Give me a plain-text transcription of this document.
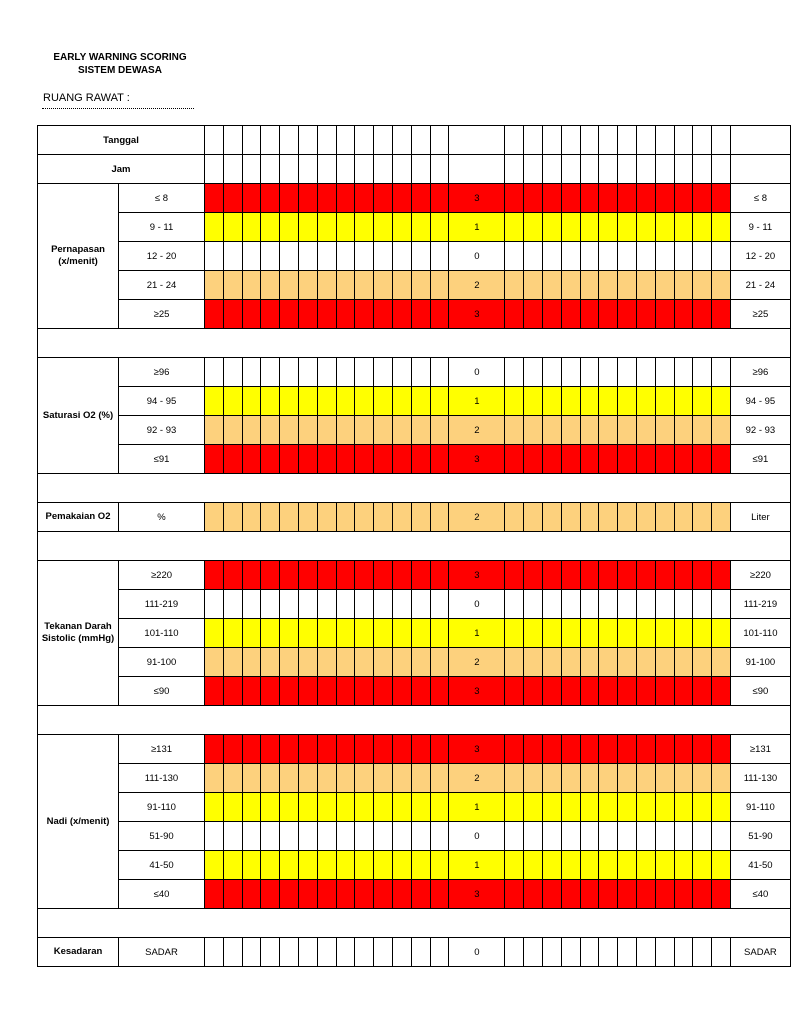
EARLY WARNING SCORING
SISTEM DEWASA
RUANG RAWAT :
Tanggal																												
Jam																												
Pernapasan (x/menit)	≤ 8														3													≤ 8
	9 - 11														1													9 - 11
	12 - 20														0													12 - 20
	21 - 24														2													21 - 24
	≥25														3													≥25

Saturasi O2 (%)	≥96														0													≥96
	94 - 95														1													94 - 95
	92 - 93														2													92 - 93
	≤91														3													≤91

Pemakaian O2	%														2													Liter

Tekanan Darah Sistolic (mmHg)	≥220														3													≥220
	111-219														0													111-219
	101-110														1													101-110
	91-100														2													91-100
	≤90														3													≤90

Nadi (x/menit)	≥131														3													≥131
	111-130														2													111-130
	91-110														1													91-110
	51-90														0													51-90
	41-50														1													41-50
	≤40														3													≤40

Kesadaran	SADAR														0													SADAR
